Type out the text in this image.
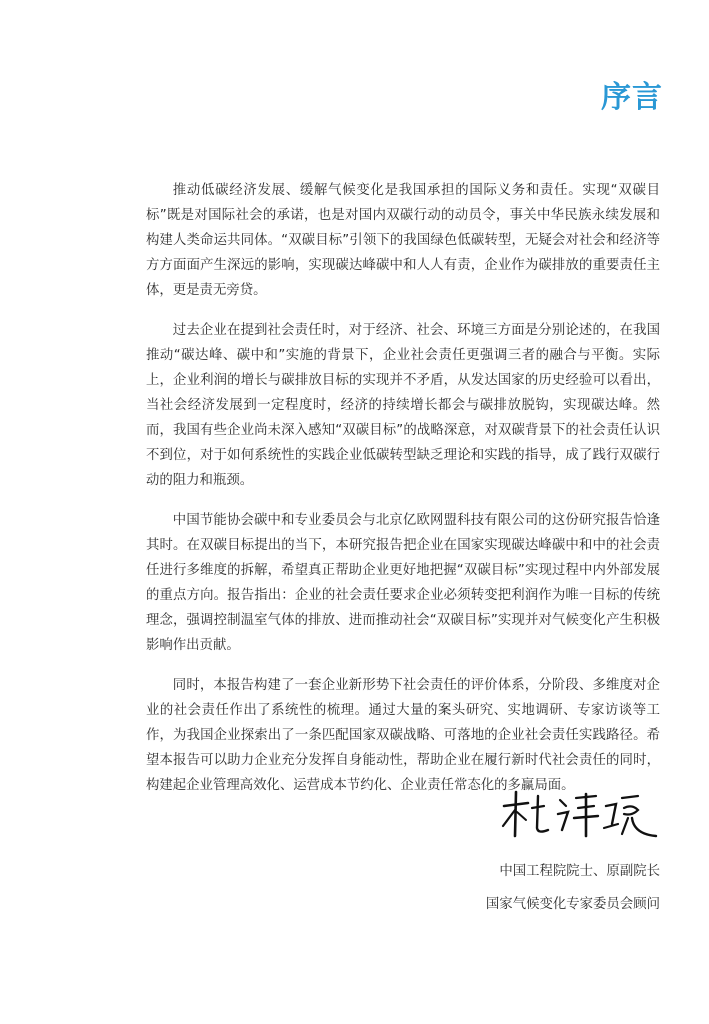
序言

推动低碳经济发展、缓解气候变化是我国承担的国际义务和责任。实现“双碳目标”既是对国际社会的承诺，也是对国内双碳行动的动员令，事关中华民族永续发展和构建人类命运共同体。“双碳目标”引领下的我国绿色低碳转型，无疑会对社会和经济等方方面面产生深远的影响，实现碳达峰碳中和人人有责，企业作为碳排放的重要责任主体，更是责无旁贷。

过去企业在提到社会责任时，对于经济、社会、环境三方面是分别论述的，在我国推动“碳达峰、碳中和”实施的背景下，企业社会责任更强调三者的融合与平衡。实际上，企业利润的增长与碳排放目标的实现并不矛盾，从发达国家的历史经验可以看出，当社会经济发展到一定程度时，经济的持续增长都会与碳排放脱钩，实现碳达峰。然而，我国有些企业尚未深入感知“双碳目标”的战略深意，对双碳背景下的社会责任认识不到位，对于如何系统性的实践企业低碳转型缺乏理论和实践的指导，成了践行双碳行动的阻力和瓶颈。

中国节能协会碳中和专业委员会与北京亿欧网盟科技有限公司的这份研究报告恰逢其时。在双碳目标提出的当下，本研究报告把企业在国家实现碳达峰碳中和中的社会责任进行多维度的拆解，希望真正帮助企业更好地把握“双碳目标”实现过程中内外部发展的重点方向。报告指出：企业的社会责任要求企业必须转变把利润作为唯一目标的传统理念，强调控制温室气体的排放、进而推动社会“双碳目标”实现并对气候变化产生积极影响作出贡献。

同时，本报告构建了一套企业新形势下社会责任的评价体系，分阶段、多维度对企业的社会责任作出了系统性的梳理。通过大量的案头研究、实地调研、专家访谈等工作，为我国企业探索出了一条匹配国家双碳战略、可落地的企业社会责任实践路径。希望本报告可以助力企业充分发挥自身能动性，帮助企业在履行新时代社会责任的同时，构建起企业管理高效化、运营成本节约化、企业责任常态化的多赢局面。

中国工程院院士、原副院长

国家气候变化专家委员会顾问
